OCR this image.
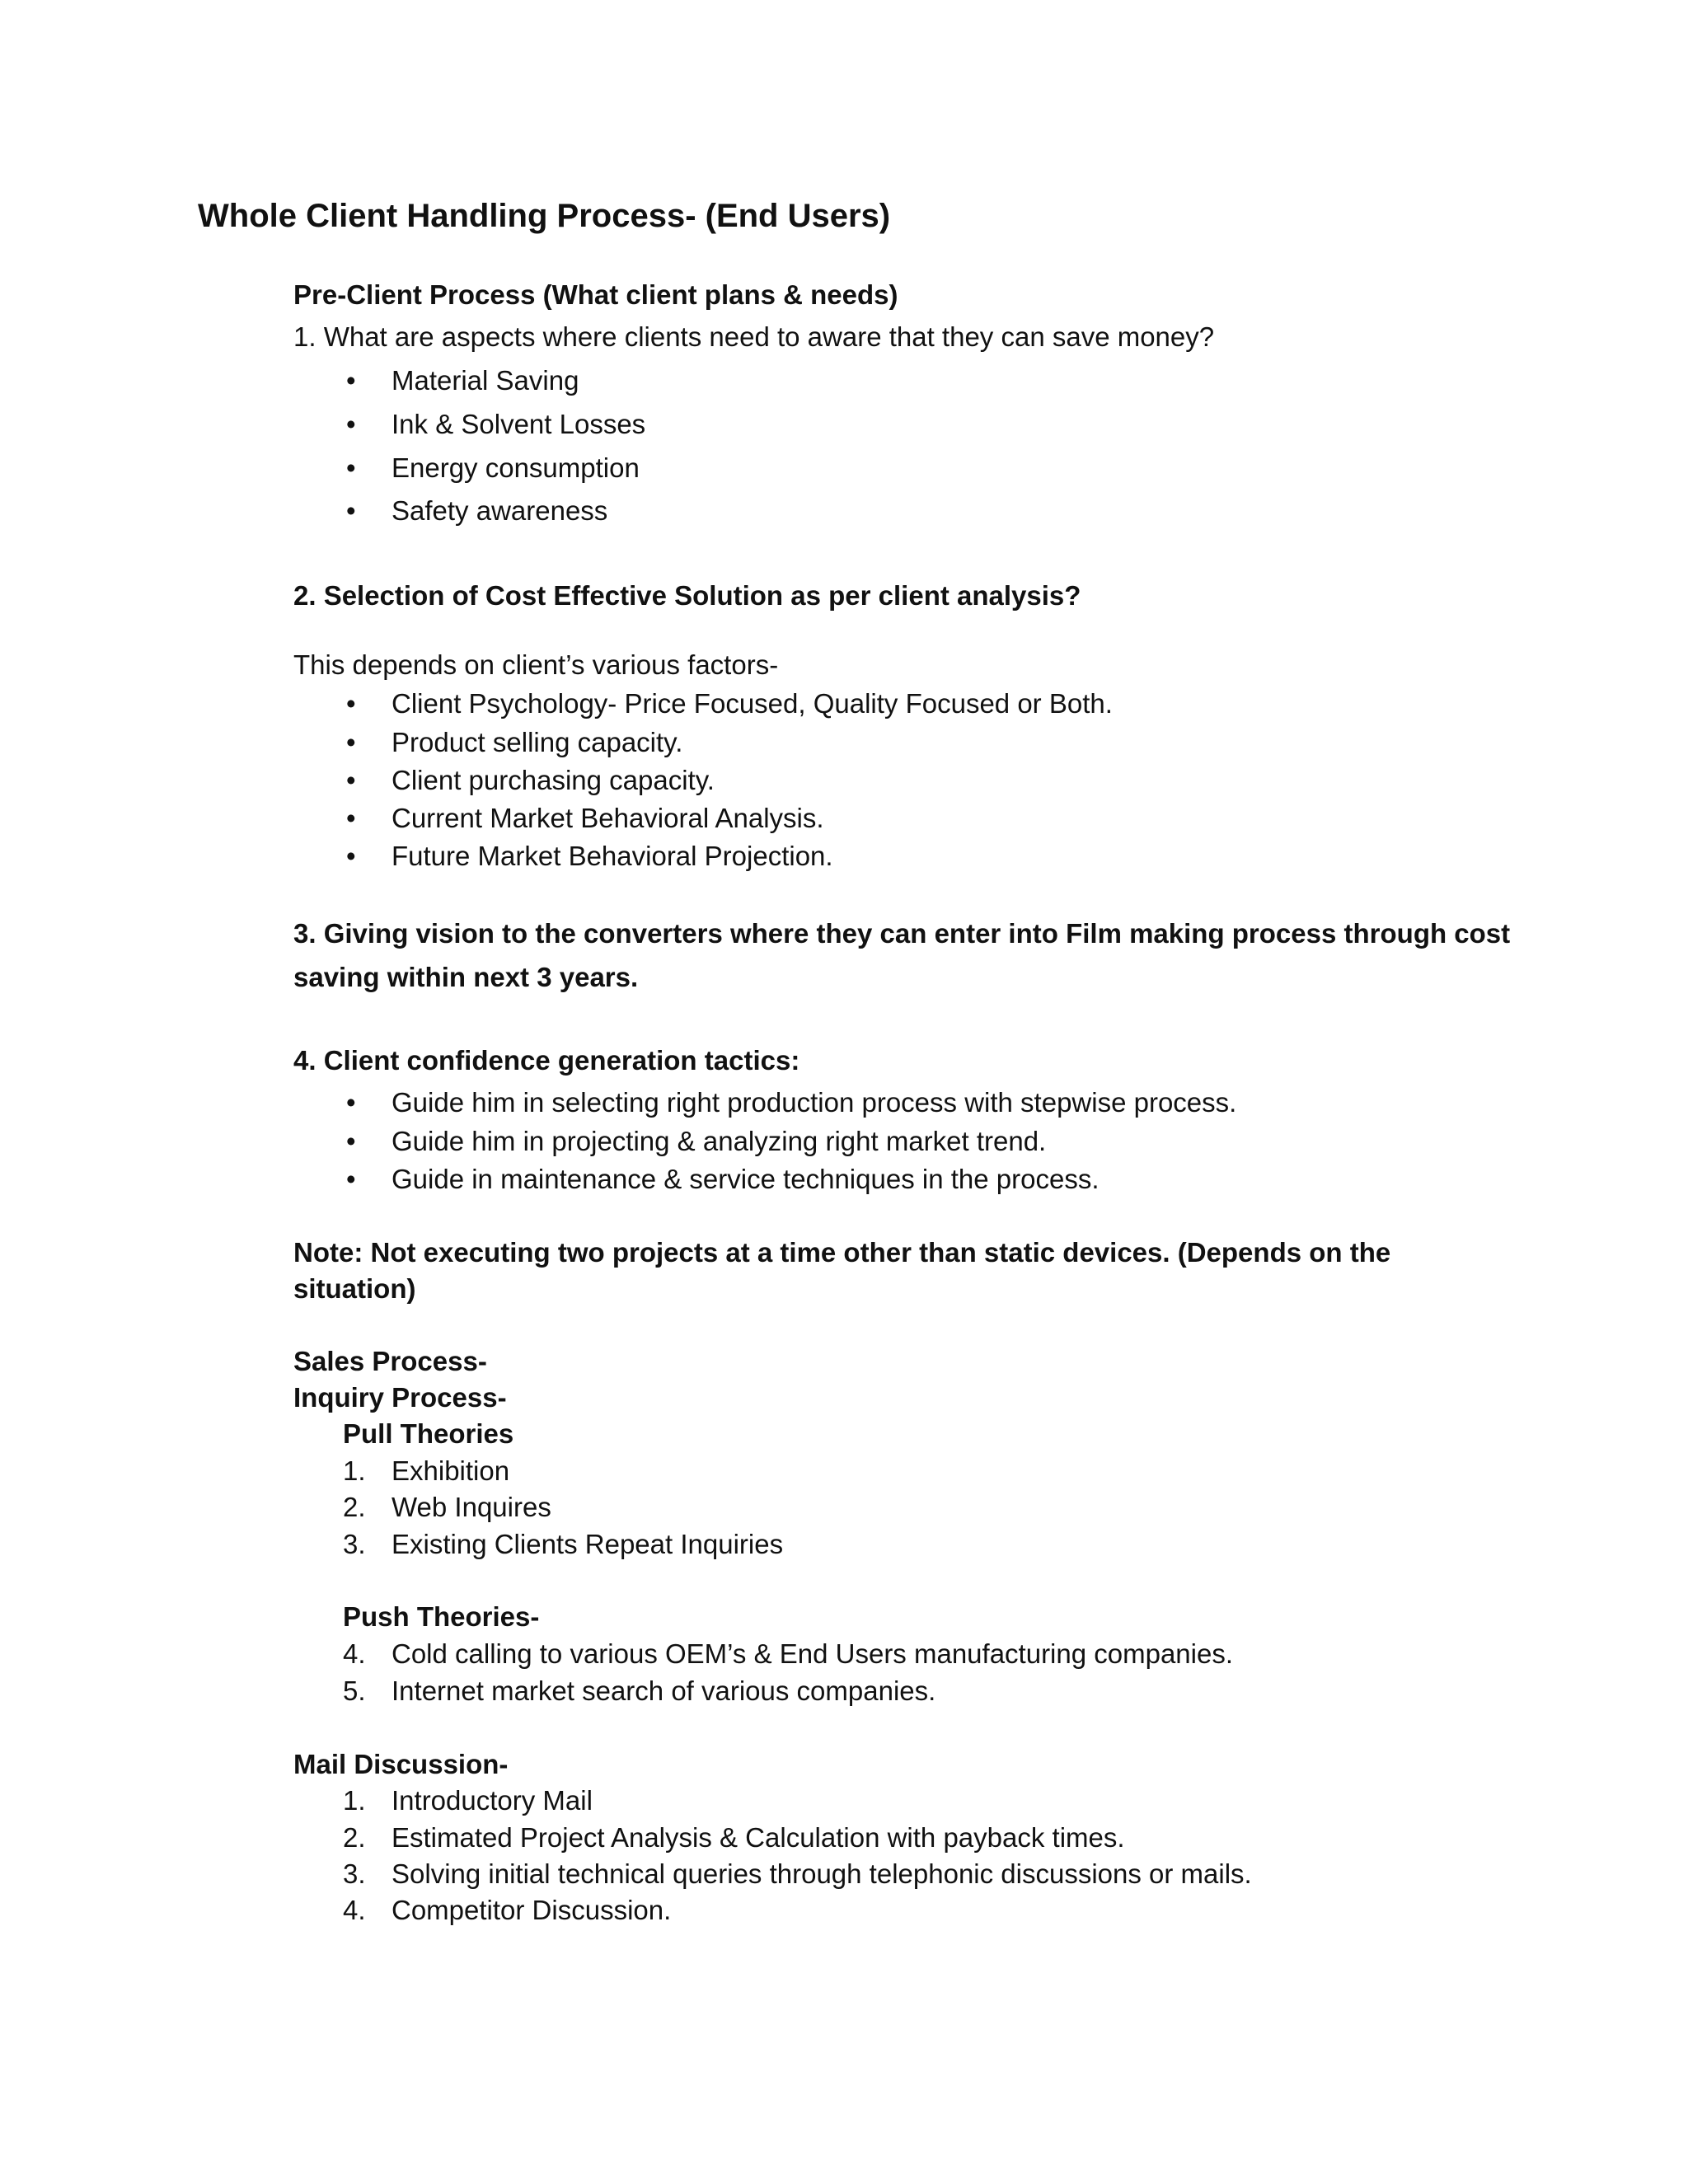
Whole Client Handling Process- (End Users)
Pre-Client Process (What client plans & needs)
1. What are aspects where clients need to aware that they can save money?
• Material Saving
• Ink & Solvent Losses
• Energy consumption
• Safety awareness
2. Selection of Cost Effective Solution as per client analysis?
This depends on client’s various factors-
• Client Psychology- Price Focused, Quality Focused or Both.
• Product selling capacity.
• Client purchasing capacity.
• Current Market Behavioral Analysis.
• Future Market Behavioral Projection.
3. Giving vision to the converters where they can enter into Film making process through cost
saving within next 3 years.
4. Client confidence generation tactics:
• Guide him in selecting right production process with stepwise process.
• Guide him in projecting & analyzing right market trend.
• Guide in maintenance & service techniques in the process.
Note: Not executing two projects at a time other than static devices. (Depends on the
situation)
Sales Process-
Inquiry Process-
Pull Theories
1. Exhibition
2. Web Inquires
3. Existing Clients Repeat Inquiries
Push Theories-
4. Cold calling to various OEM’s & End Users manufacturing companies.
5. Internet market search of various companies.
Mail Discussion-
1. Introductory Mail
2. Estimated Project Analysis & Calculation with payback times.
3. Solving initial technical queries through telephonic discussions or mails.
4. Competitor Discussion.
